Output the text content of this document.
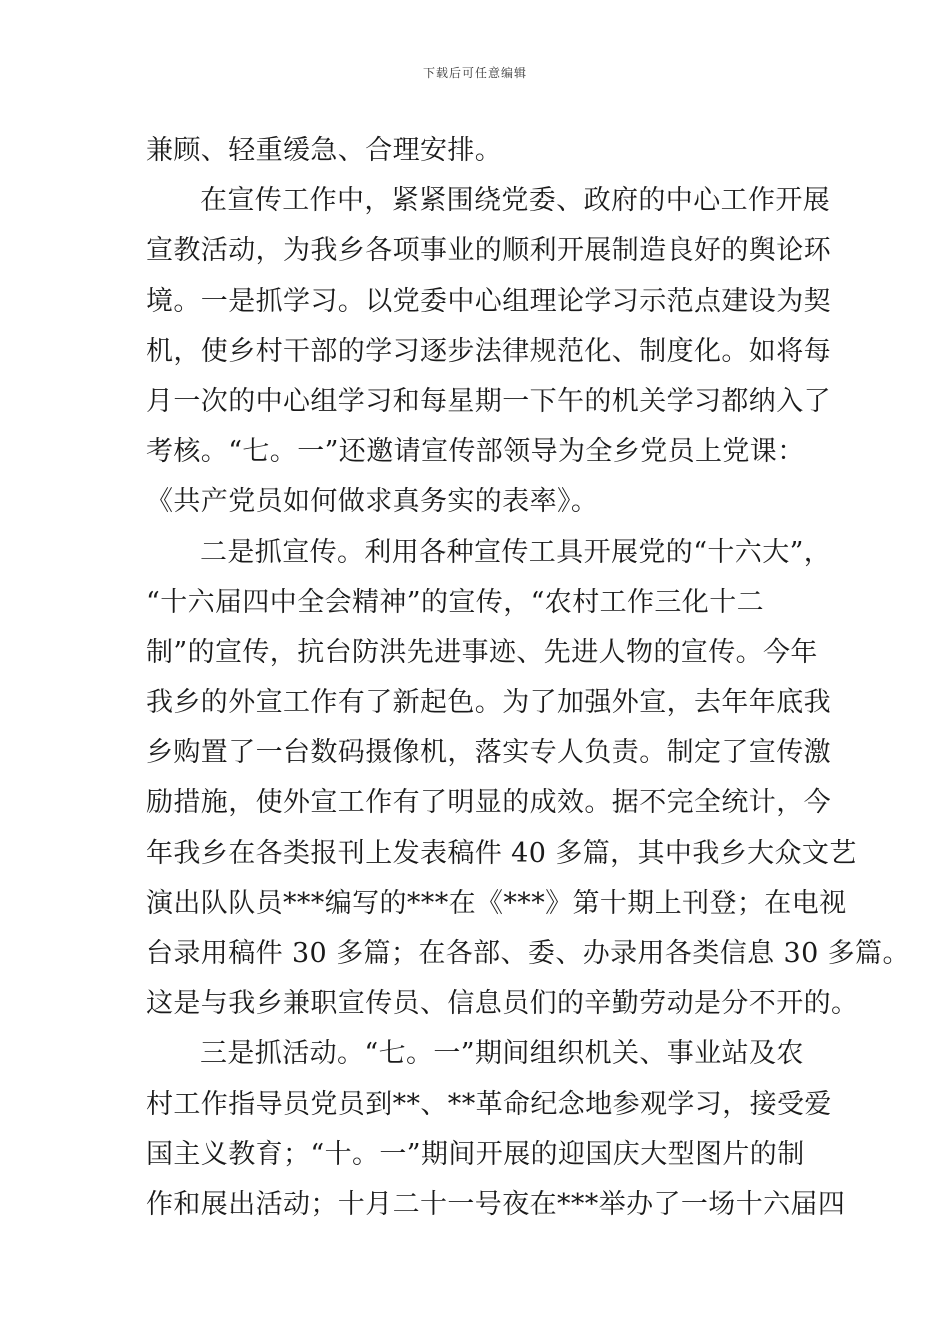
下载后可任意编辑
兼顾、轻重缓急、合理安排。
在宣传工作中，紧紧围绕党委、政府的中心工作开展
宣教活动，为我乡各项事业的顺利开展制造良好的舆论环
境。一是抓学习。以党委中心组理论学习示范点建设为契
机，使乡村干部的学习逐步法律规范化、制度化。如将每
月一次的中心组学习和每星期一下午的机关学习都纳入了
考核。“七。一”还邀请宣传部领导为全乡党员上党课：
《共产党员如何做求真务实的表率》。
二是抓宣传。利用各种宣传工具开展党的“十六大”，
“十六届四中全会精神”的宣传，“农村工作三化十二
制”的宣传，抗台防洪先进事迹、先进人物的宣传。今年
我乡的外宣工作有了新起色。为了加强外宣，去年年底我
乡购置了一台数码摄像机，落实专人负责。制定了宣传激
励措施，使外宣工作有了明显的成效。据不完全统计，今
年我乡在各类报刊上发表稿件 40 多篇，其中我乡大众文艺
演出队队员***编写的***在《***》第十期上刊登；在电视
台录用稿件 30 多篇；在各部、委、办录用各类信息 30 多篇。
这是与我乡兼职宣传员、信息员们的辛勤劳动是分不开的。
三是抓活动。“七。一”期间组织机关、事业站及农
村工作指导员党员到**、**革命纪念地参观学习，接受爱
国主义教育；“十。一”期间开展的迎国庆大型图片的制
作和展出活动；十月二十一号夜在***举办了一场十六届四
